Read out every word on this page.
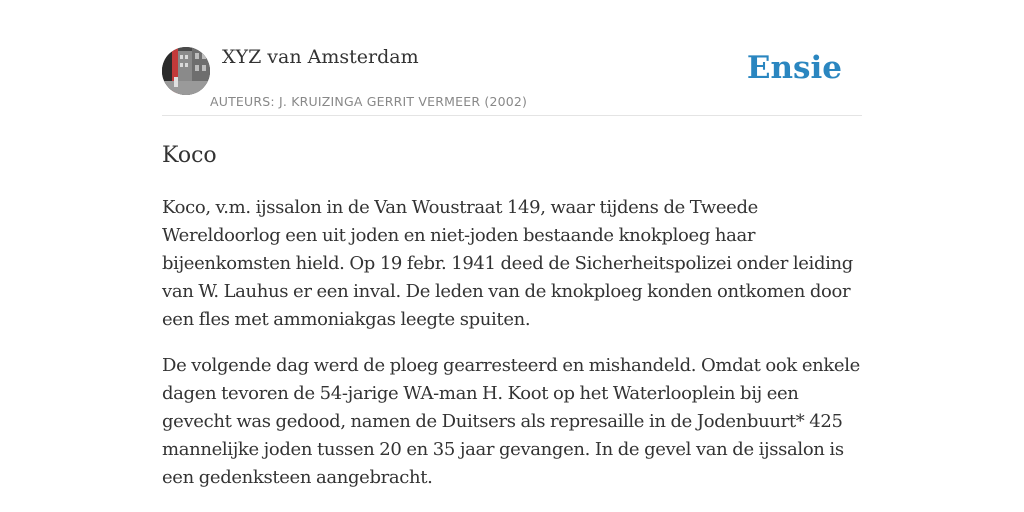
XYZ van Amsterdam
AUTEURS: J. KRUIZINGA GERRIT VERMEER (2002)
Ensie
Koco

Koco, v.m. ijssalon in de Van Woustraat 149, waar tijdens de Tweede Wereldoorlog een uit joden en niet-joden bestaande knokploeg haar bijeenkomsten hield. Op 19 febr. 1941 deed de Sicherheitspolizei onder leiding van W. Lauhus er een inval. De leden van de knokploeg konden ontkomen door een fles met ammoniakgas leegte spuiten.

De volgende dag werd de ploeg gearresteerd en mishandeld. Omdat ook enkele dagen tevoren de 54-jarige WA-man H. Koot op het Waterlooplein bij een gevecht was gedood, namen de Duitsers als represaille in de Jodenbuurt* 425 mannelijke joden tussen 20 en 35 jaar gevangen. In de gevel van de ijssalon is een gedenksteen aangebracht.
